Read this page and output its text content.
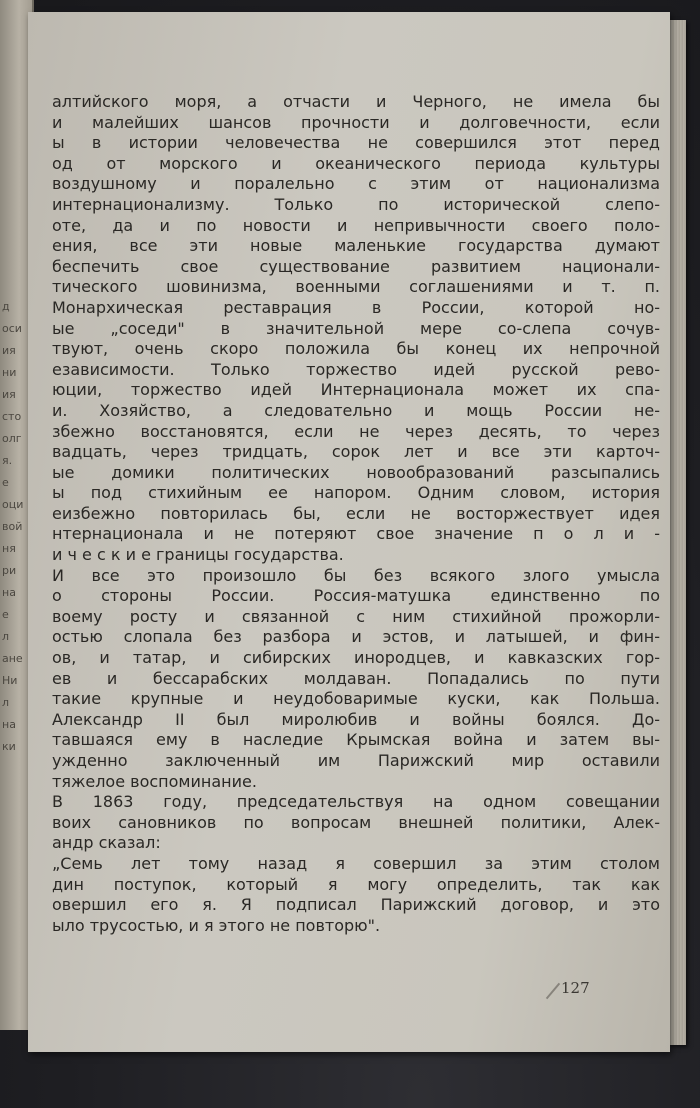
д
оси
ия
ни
ия
сто
олг
я.
е
оци
вой
ня
ри
на
е
л
ане
Ни
л
на
ки
алтийского моря, а отчасти и Черного, не имела бы
и малейших шансов прочности и долговечности, если
ы в истории человечества не совершился этот перед
од от морского и океанического периода культуры
воздушному и поралельно с этим от национализма
интернационализму. Только по исторической слепо-
оте, да и по новости и непривычности своего поло-
ения, все эти новые маленькие государства думают
беспечить свое существование развитием национали-
тического шовинизма, военными соглашениями и т. п.
Монархическая реставрация в России, которой но-
ые „соседи" в значительной мере со-слепа сочув-
твуют, очень скоро положила бы конец их непрочной
езависимости. Только торжество идей русской рево-
юции, торжество идей Интернационала может их спа-
и. Хозяйство, а следовательно и мощь России не-
збежно восстановятся, если не через десять, то через
вадцать, через тридцать, сорок лет и все эти карточ-
ые домики политических новообразований разсыпались
ы под стихийным ее напором. Одним словом, история
еизбежно повторилась бы, если не восторжествует идея
нтернационала и не потеряют свое значение п о л и -
и ч е с к и е границы государства.
И все это произошло бы без всякого злого умысла
о стороны России. Россия-матушка единственно по
воему росту и связанной с ним стихийной прожорли-
остью слопала без разбора и эстов, и латышей, и фин-
ов, и татар, и сибирских инородцев, и кавказских гор-
ев и бессарабских молдаван. Попадались по пути
такие крупные и неудобоваримые куски, как Польша.
Александр II был миролюбив и войны боялся. До-
тавшаяся ему в наследие Крымская война и затем вы-
ужденно заключенный им Парижский мир оставили
тяжелое воспоминание.
В 1863 году, председательствуя на одном совещании
воих сановников по вопросам внешней политики, Алек-
андр сказал:
„Семь лет тому назад я совершил за этим столом
дин поступок, который я могу определить, так как
овершил его я. Я подписал Парижский договор, и это
ыло трусостью, и я этого не повторю".
127
